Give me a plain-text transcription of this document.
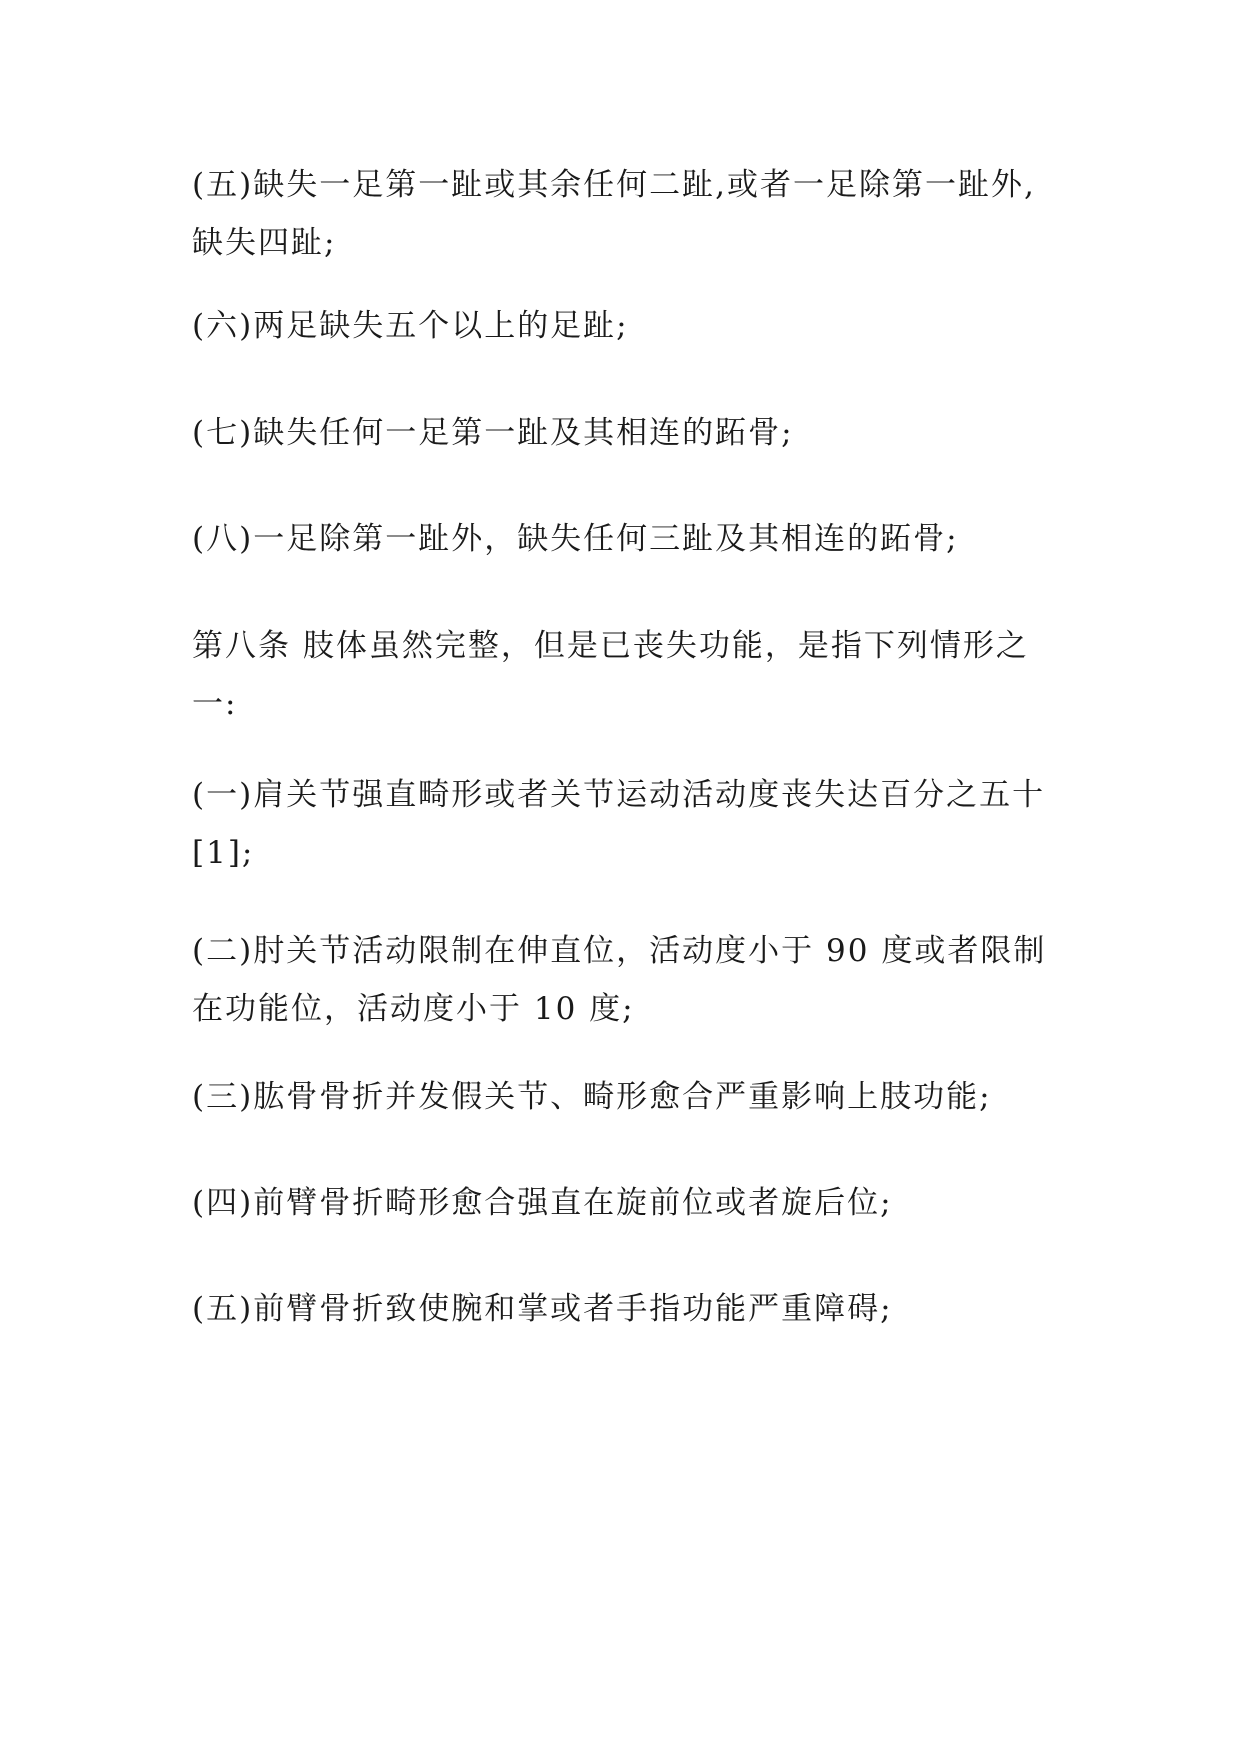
(五)缺失一足第一趾或其余任何二趾,或者一足除第一趾外,
缺失四趾;

(六)两足缺失五个以上的足趾;

(七)缺失任何一足第一趾及其相连的跖骨;

(八)一足除第一趾外，缺失任何三趾及其相连的跖骨;

第八条 肢体虽然完整，但是已丧失功能，是指下列情形之
一:

(一)肩关节强直畸形或者关节运动活动度丧失达百分之五十
[1];

(二)肘关节活动限制在伸直位，活动度小于 90 度或者限制
在功能位，活动度小于 10 度;

(三)肱骨骨折并发假关节、畸形愈合严重影响上肢功能;

(四)前臂骨折畸形愈合强直在旋前位或者旋后位;

(五)前臂骨折致使腕和掌或者手指功能严重障碍;
